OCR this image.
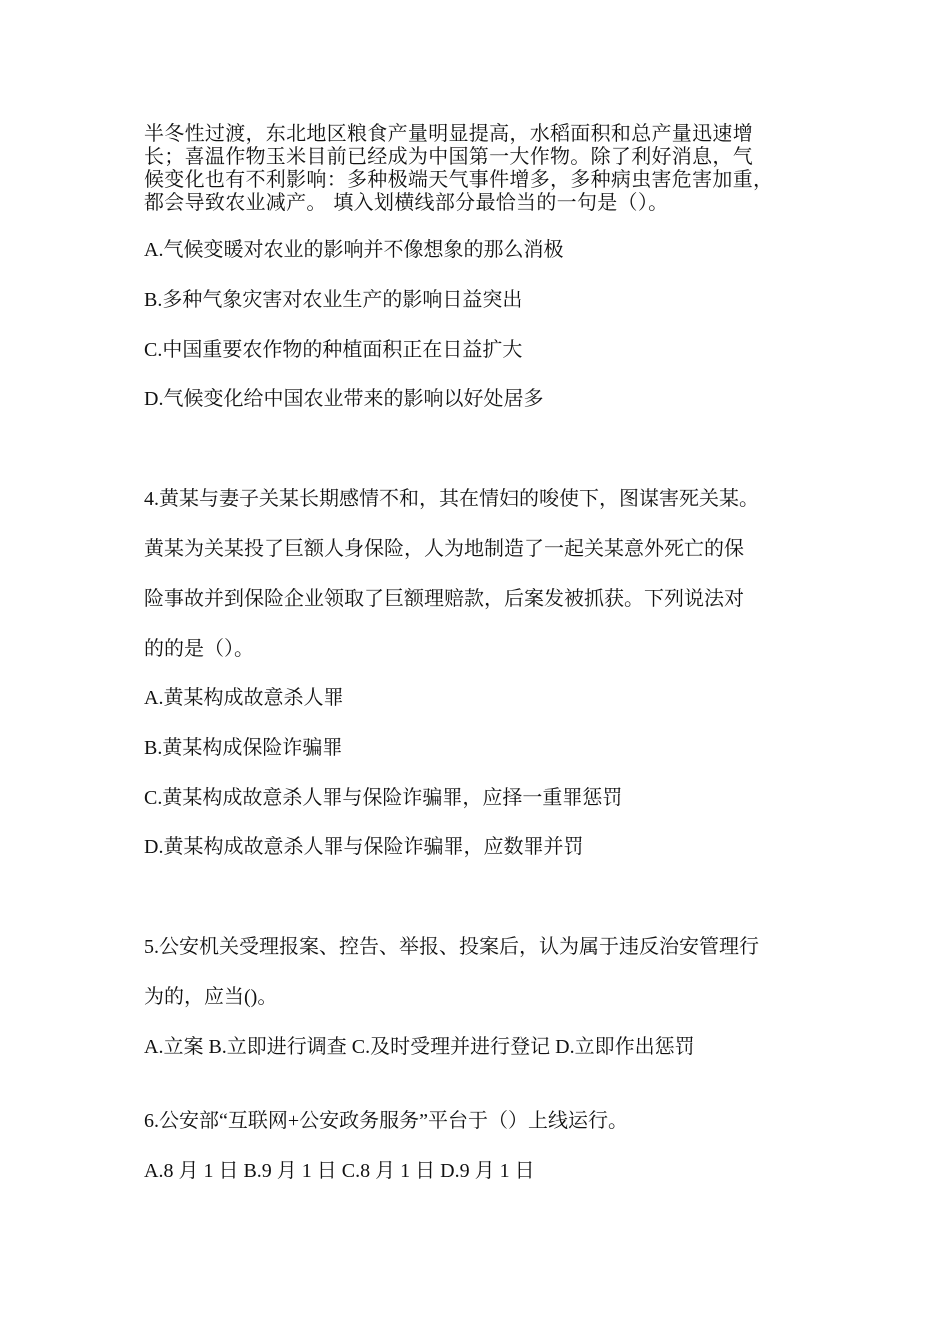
半冬性过渡，东北地区粮食产量明显提高，水稻面积和总产量迅速增
长；喜温作物玉米目前已经成为中国第一大作物。除了利好消息，气
候变化也有不利影响：多种极端天气事件增多，多种病虫害危害加重，
都会导致农业减产。 填入划横线部分最恰当的一句是（）。
A.气候变暖对农业的影响并不像想象的那么消极
B.多种气象灾害对农业生产的影响日益突出
C.中国重要农作物的种植面积正在日益扩大
D.气候变化给中国农业带来的影响以好处居多
4.黄某与妻子关某长期感情不和，其在情妇的唆使下，图谋害死关某。
黄某为关某投了巨额人身保险，人为地制造了一起关某意外死亡的保
险事故并到保险企业领取了巨额理赔款，后案发被抓获。下列说法对
的的是（）。
A.黄某构成故意杀人罪
B.黄某构成保险诈骗罪
C.黄某构成故意杀人罪与保险诈骗罪，应择一重罪惩罚
D.黄某构成故意杀人罪与保险诈骗罪，应数罪并罚
5.公安机关受理报案、控告、举报、投案后，认为属于违反治安管理行
为的，应当()。
A.立案 B.立即进行调查 C.及时受理并进行登记 D.立即作出惩罚
6.公安部“互联网+公安政务服务”平台于（）上线运行。
A.8 月 1 日 B.9 月 1 日 C.8 月 1 日 D.9 月 1 日
